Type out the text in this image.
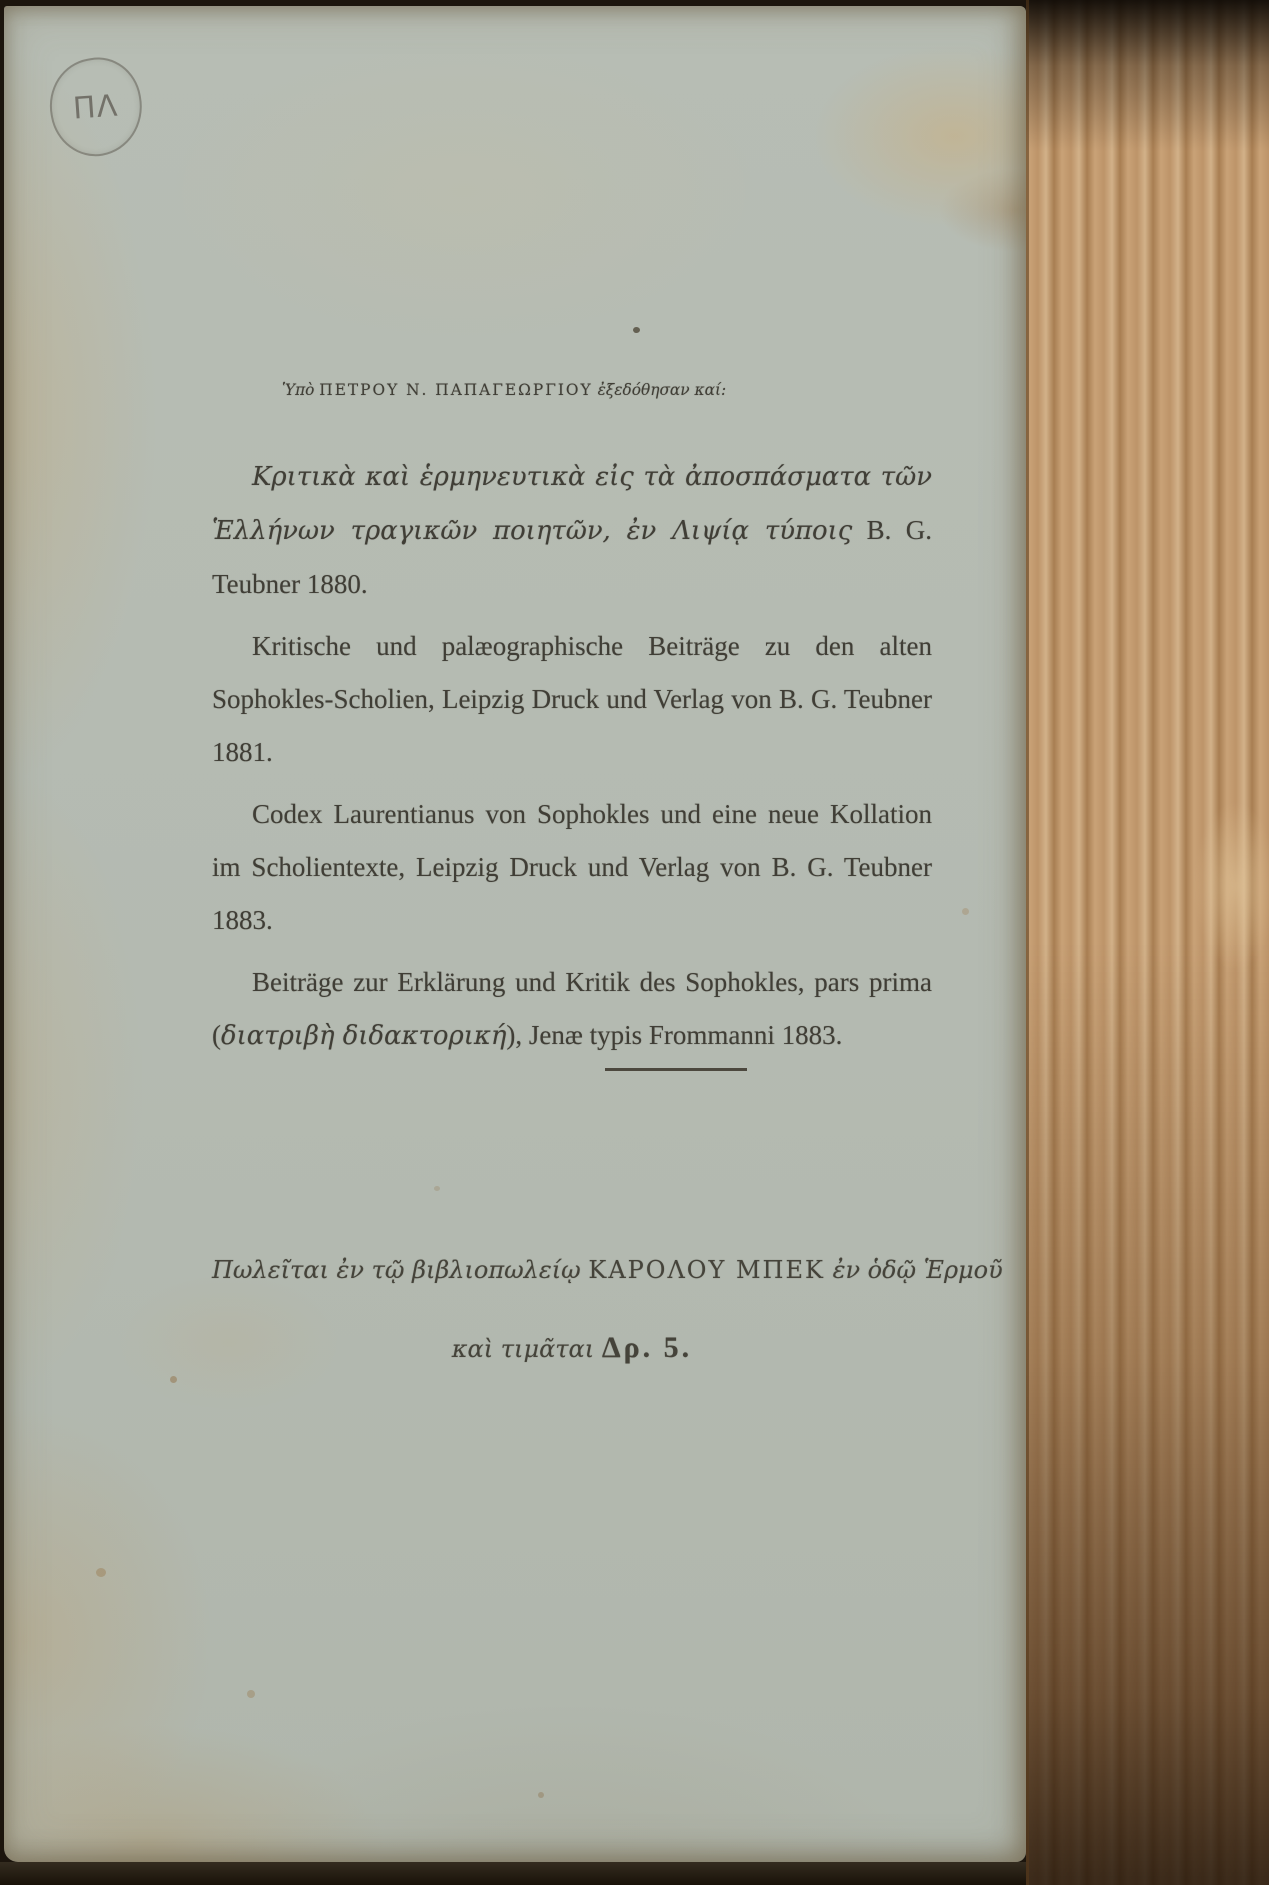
ΠΛ

Ὑπὸ ΠΕΤΡΟΥ Ν. ΠΑΠΑΓΕΩΡΓΙΟΥ ἐξεδόθησαν καί:

Κριτικὰ καὶ ἑρμηνευτικὰ εἰς τὰ ἀποσπάσματα τῶν Ἑλλήνων τραγικῶν ποιητῶν, ἐν Λιψίᾳ τύποις B. G. Teubner 1880.

Kritische und palæographische Beiträge zu den alten Sophokles-Scholien, Leipzig Druck und Verlag von B. G. Teubner 1881.

Codex Laurentianus von Sophokles und eine neue Kollation im Scholientexte, Leipzig Druck und Verlag von B. G. Teubner 1883.

Beiträge zur Erklärung und Kritik des Sophokles, pars prima (διατριβὴ διδακτορική), Jenæ typis Frommanni 1883.

Πωλεῖται ἐν τῷ βιβλιοπωλείῳ ΚΑΡΟΛΟΥ ΜΠΕΚ ἐν ὁδῷ Ἑρμοῦ

καὶ τιμᾶται Δρ. 5.
